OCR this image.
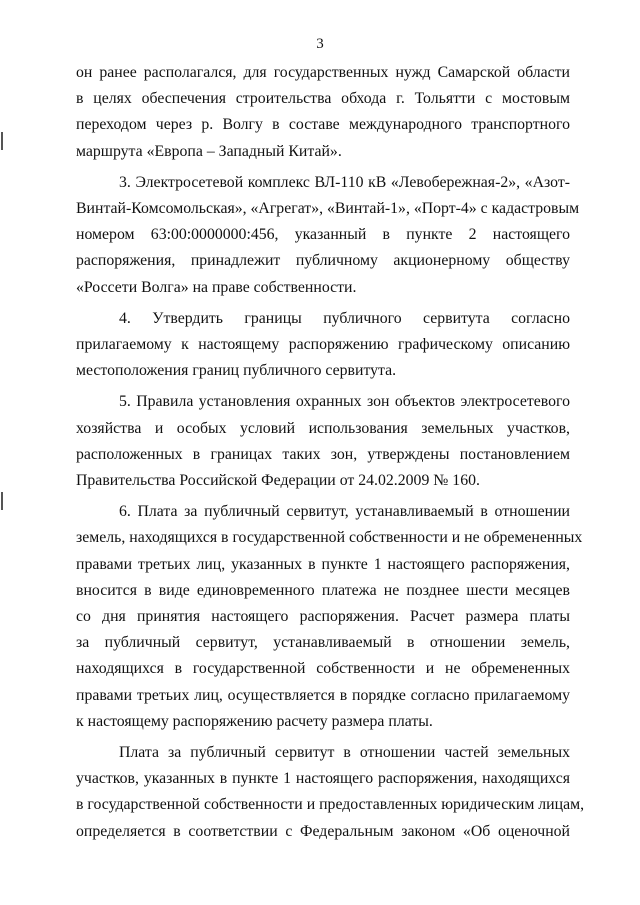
3
он ранее располагался, для государственных нужд Самарской области
в целях обеспечения строительства обхода г. Тольятти с мостовым
переходом через р. Волгу в составе международного транспортного
маршрута «Европа – Западный Китай».
3. Электросетевой комплекс ВЛ-110 кВ «Левобережная-2», «Азот-
Винтай-Комсомольская», «Агрегат», «Винтай-1», «Порт-4» с кадастровым
номером 63:00:0000000:456, указанный в пункте 2 настоящего
распоряжения, принадлежит публичному акционерному обществу
«Россети Волга» на праве собственности.
4. Утвердить границы публичного сервитута согласно
прилагаемому к настоящему распоряжению графическому описанию
местоположения границ публичного сервитута.
5. Правила установления охранных зон объектов электросетевого
хозяйства и особых условий использования земельных участков,
расположенных в границах таких зон, утверждены постановлением
Правительства Российской Федерации от 24.02.2009 № 160.
6. Плата за публичный сервитут, устанавливаемый в отношении
земель, находящихся в государственной собственности и не обремененных
правами третьих лиц, указанных в пункте 1 настоящего распоряжения,
вносится в виде единовременного платежа не позднее шести месяцев
со дня принятия настоящего распоряжения. Расчет размера платы
за публичный сервитут, устанавливаемый в отношении земель,
находящихся в государственной собственности и не обремененных
правами третьих лиц, осуществляется в порядке согласно прилагаемому
к настоящему распоряжению расчету размера платы.
Плата за публичный сервитут в отношении частей земельных
участков, указанных в пункте 1 настоящего распоряжения, находящихся
в государственной собственности и предоставленных юридическим лицам,
определяется в соответствии с Федеральным законом «Об оценочной
